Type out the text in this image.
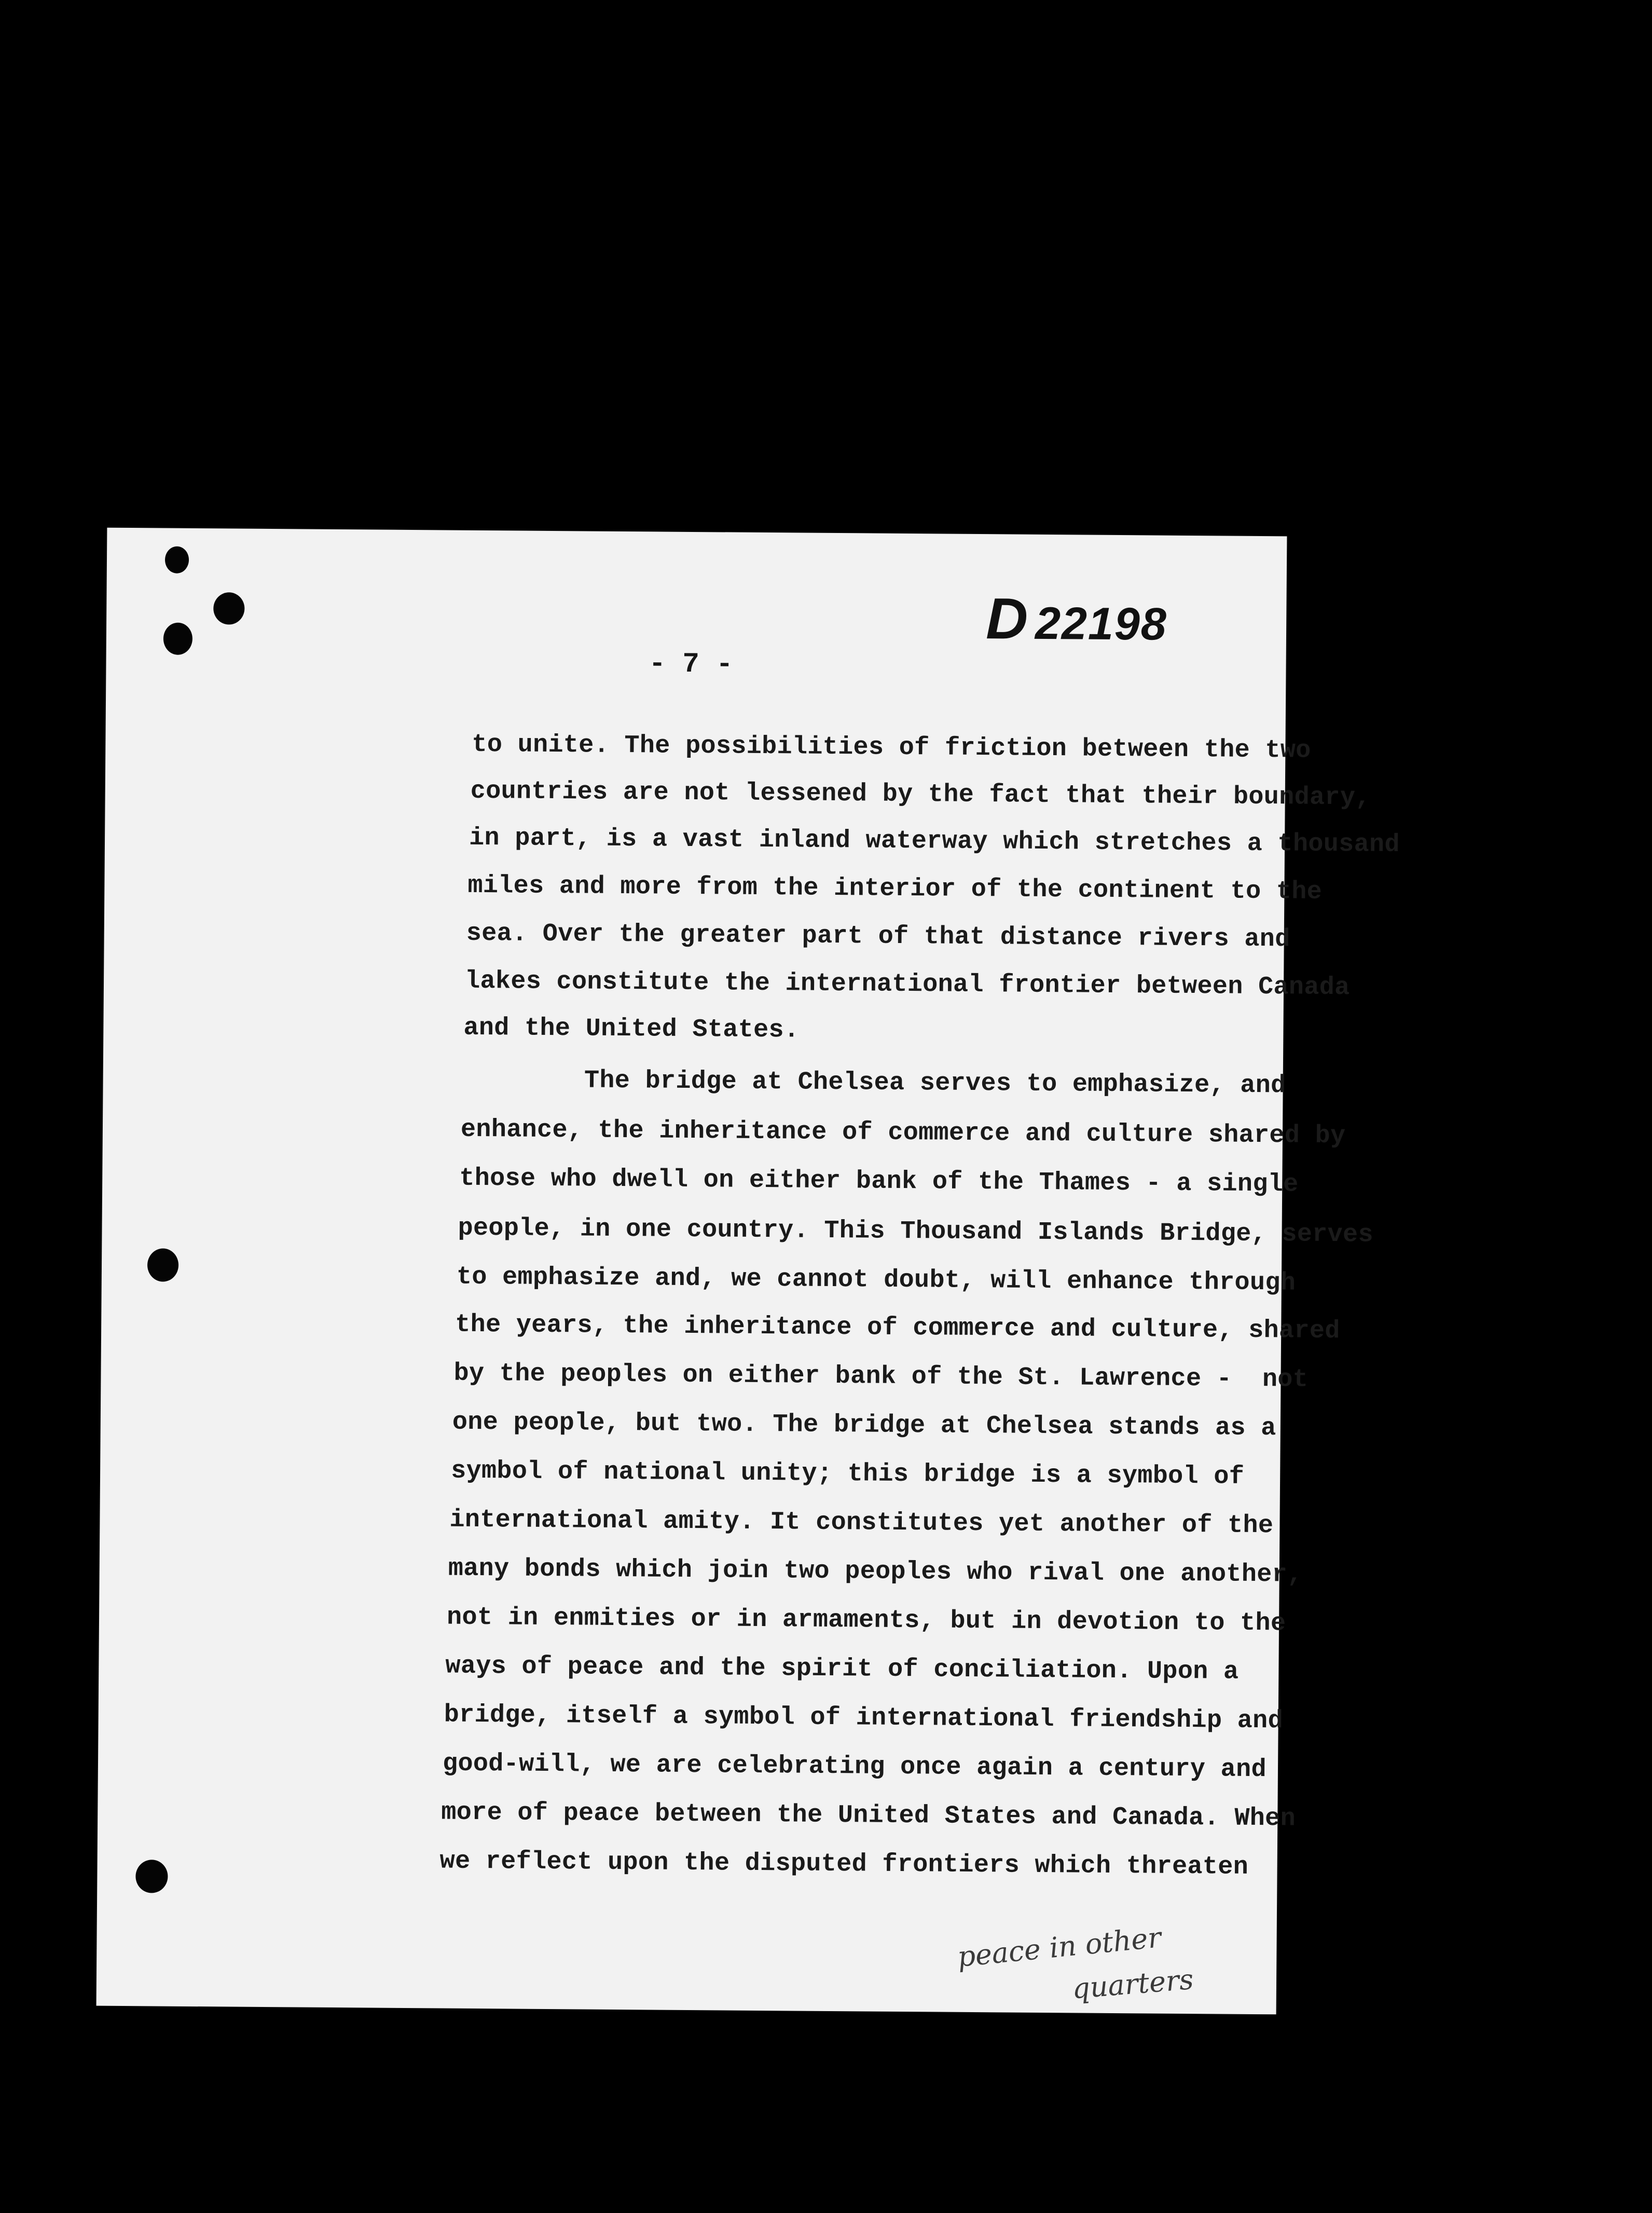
D 22198
- 7 -
to unite. The possibilities of friction between the two
countries are not lessened by the fact that their boundary,
in part, is a vast inland waterway which stretches a thousand
miles and more from the interior of the continent to the
sea. Over the greater part of that distance rivers and
lakes constitute the international frontier between Canada
and the United States.
The bridge at Chelsea serves to emphasize, and
enhance, the inheritance of commerce and culture shared by
those who dwell on either bank of the Thames - a single
people, in one country. This Thousand Islands Bridge, serves
to emphasize and, we cannot doubt, will enhance through
the years, the inheritance of commerce and culture, shared
by the peoples on either bank of the St. Lawrence -  not
one people, but two. The bridge at Chelsea stands as a
symbol of national unity; this bridge is a symbol of
international amity. It constitutes yet another of the
many bonds which join two peoples who rival one another,
not in enmities or in armaments, but in devotion to the
ways of peace and the spirit of conciliation. Upon a
bridge, itself a symbol of international friendship and
good-will, we are celebrating once again a century and
more of peace between the United States and Canada. When
we reflect upon the disputed frontiers which threaten
peace in other
quarters
